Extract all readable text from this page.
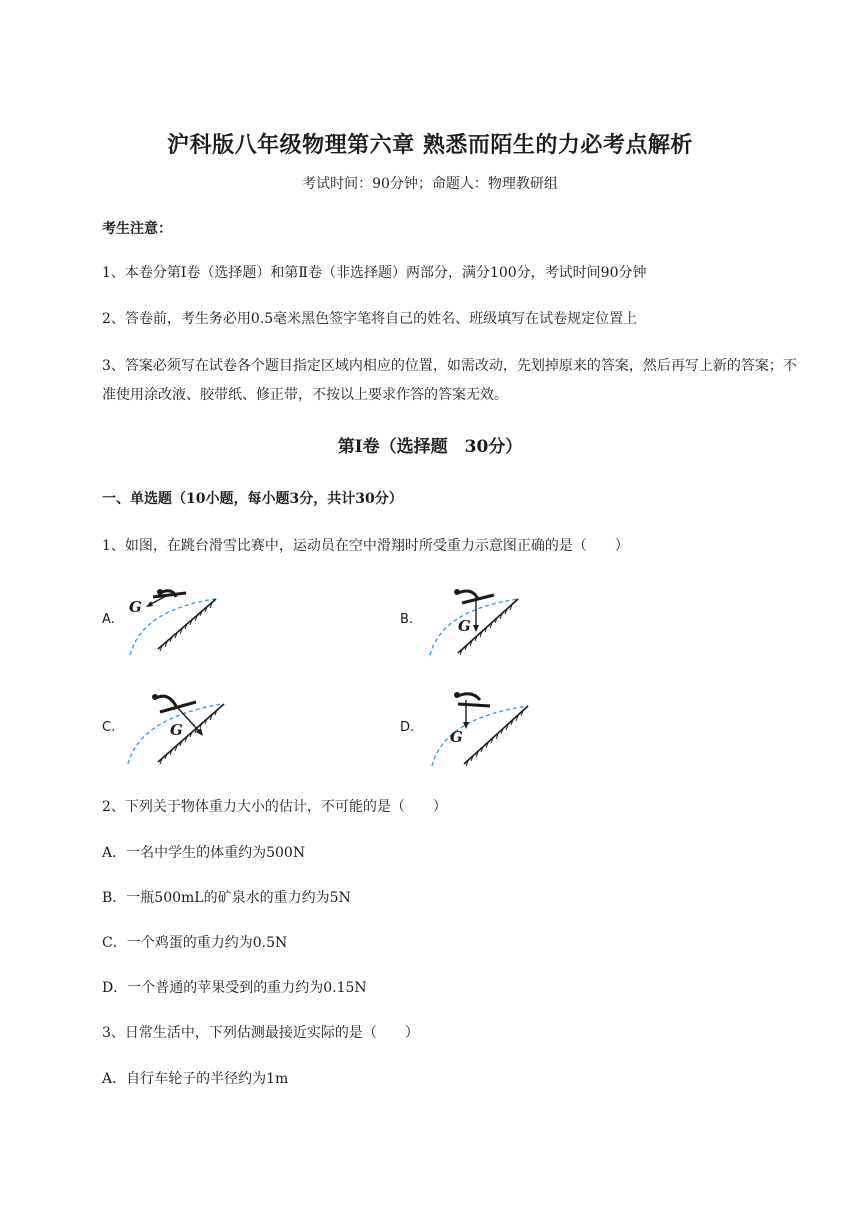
沪科版八年级物理第六章 熟悉而陌生的力必考点解析
考试时间：90分钟；命题人：物理教研组
考生注意：
1、本卷分第Ⅰ卷（选择题）和第Ⅱ卷（非选择题）两部分，满分100分，考试时间90分钟
2、答卷前，考生务必用0.5毫米黑色签字笔将自己的姓名、班级填写在试卷规定位置上
3、答案必须写在试卷各个题目指定区域内相应的位置，如需改动，先划掉原来的答案，然后再写上新的答案；不准使用涂改液、胶带纸、修正带，不按以上要求作答的答案无效。
第Ⅰ卷（选择题　30分）
一、单选题（10小题，每小题3分，共计30分）
1、如图，在跳台滑雪比赛中，运动员在空中滑翔时所受重力示意图正确的是（　　）
A.
G
B.	G
C.	G	D.
G
2、下列关于物体重力大小的估计，不可能的是（　　）
A．一名中学生的体重约为500N
B．一瓶500mL的矿泉水的重力约为5N
C．一个鸡蛋的重力约为0.5N
D．一个普通的苹果受到的重力约为0.15N
3、日常生活中，下列估测最接近实际的是（　　）
A．自行车轮子的半径约为1m
